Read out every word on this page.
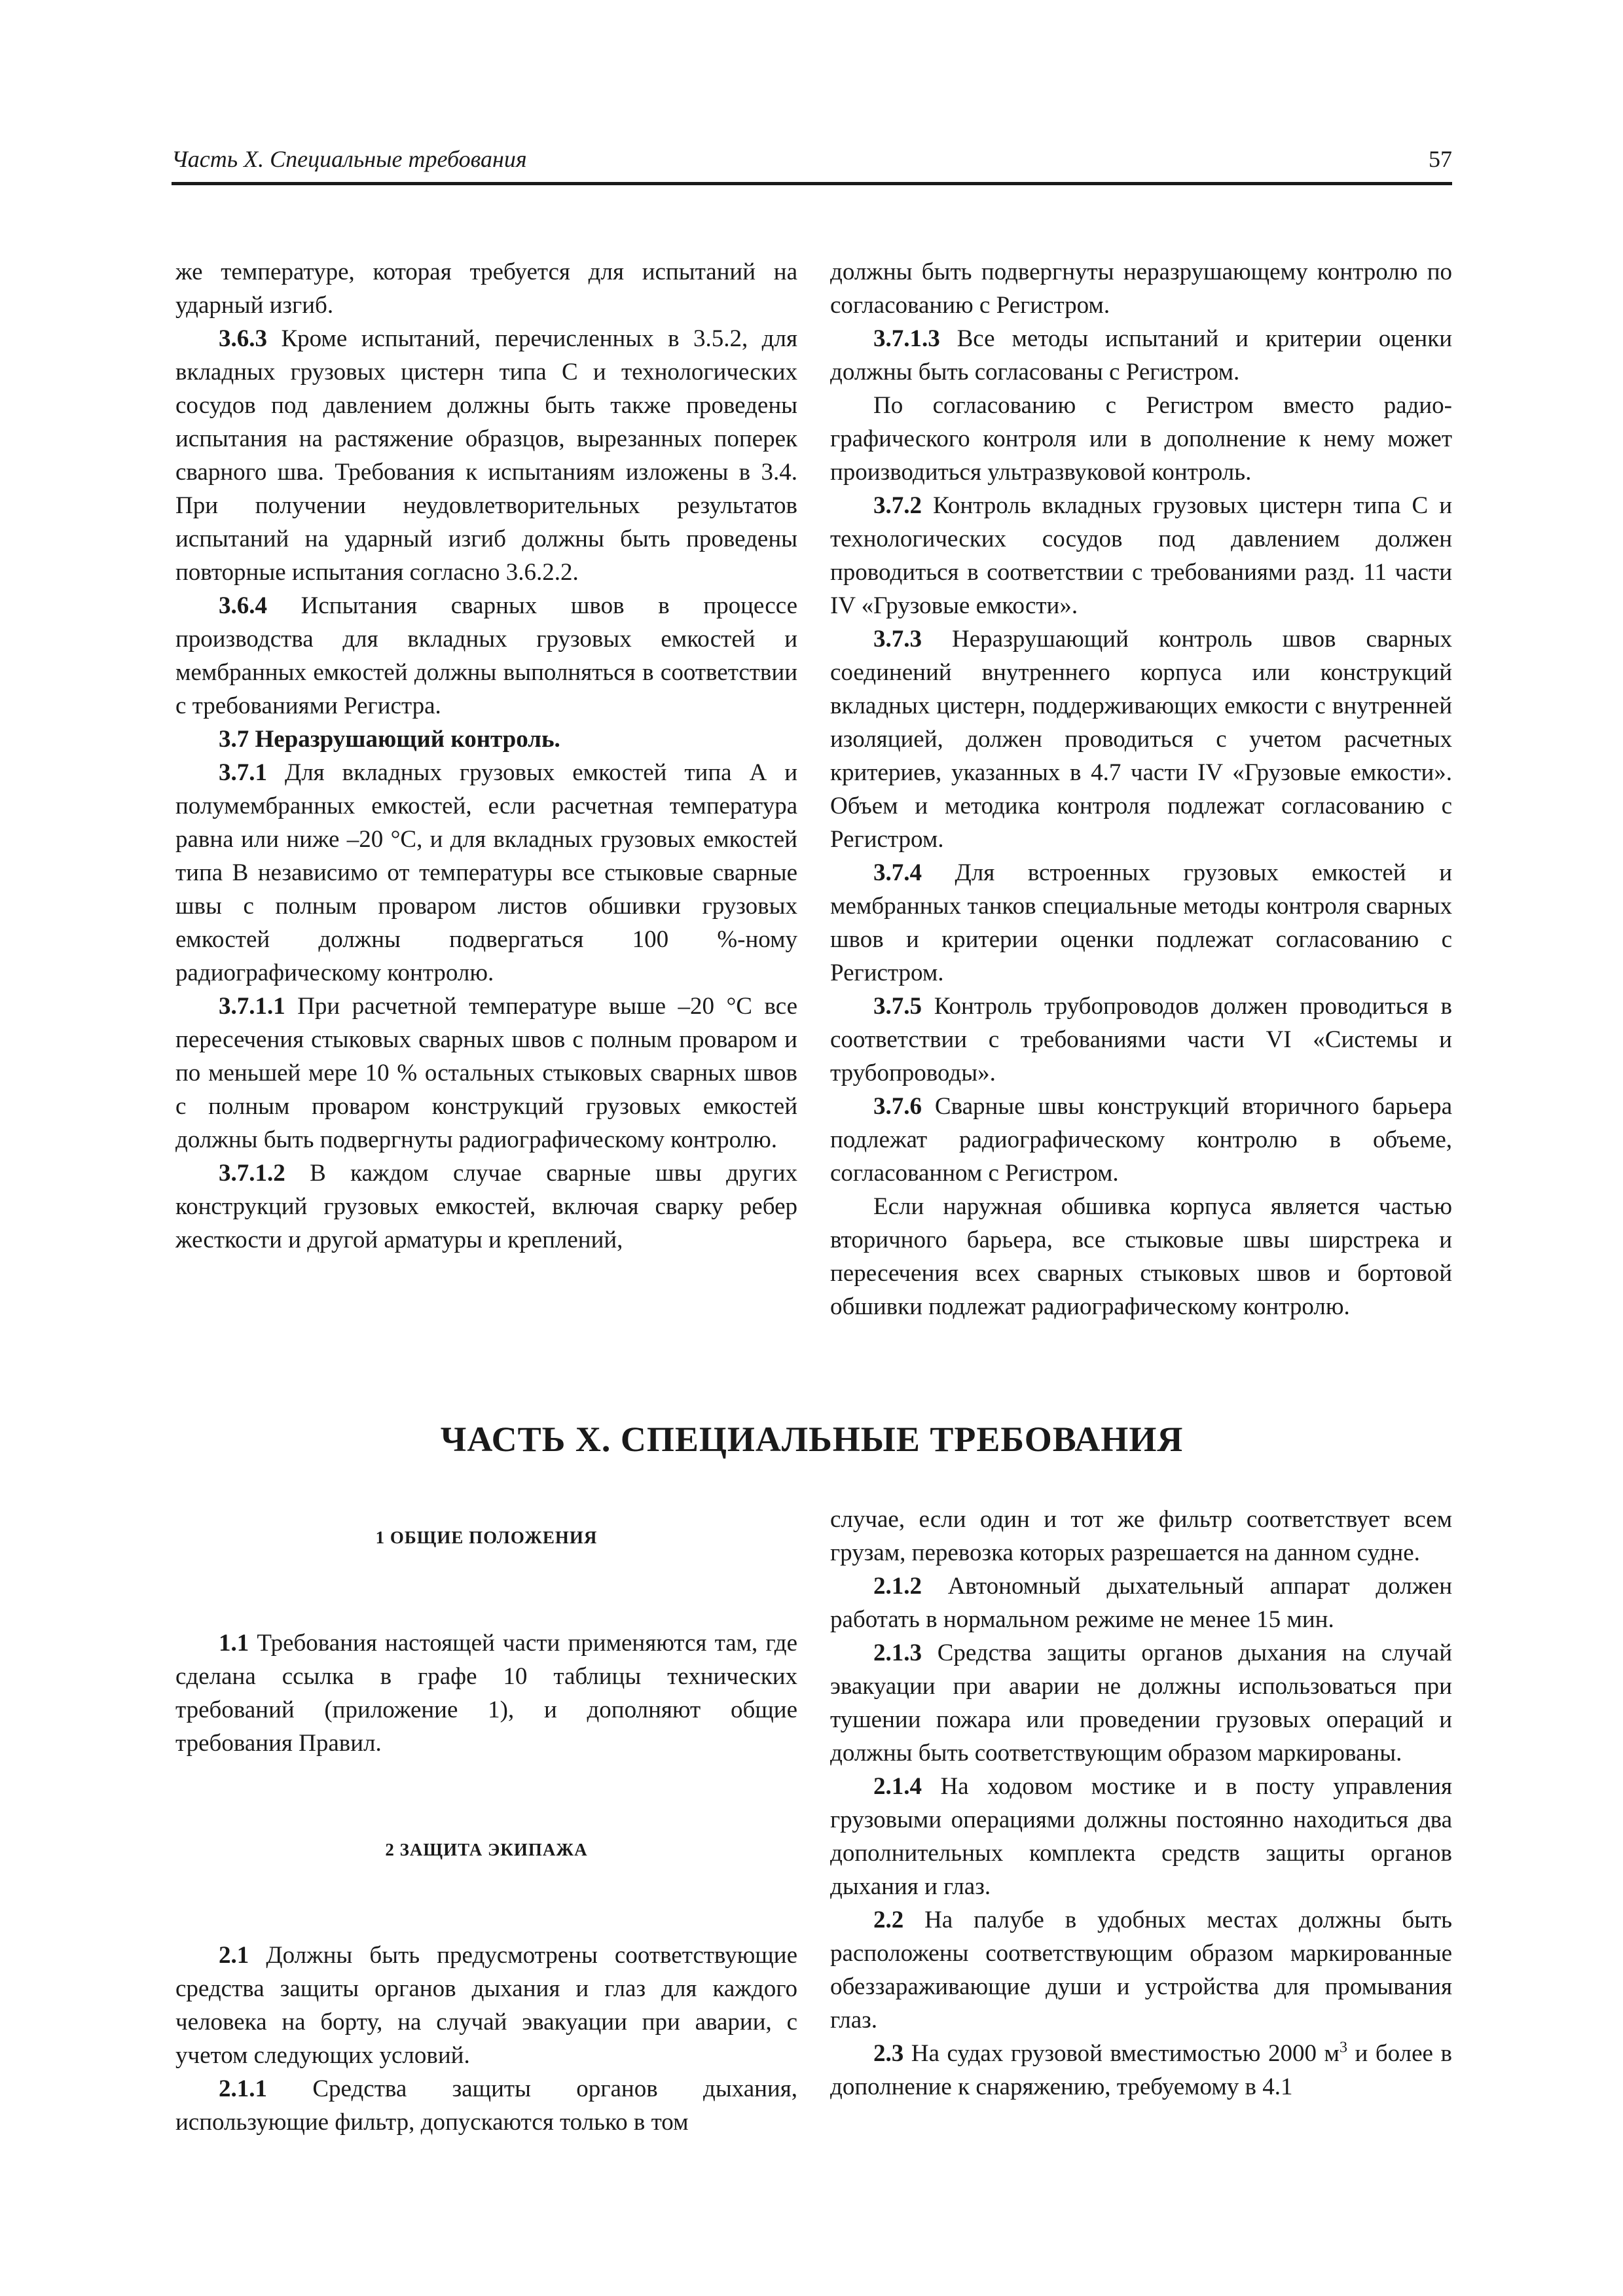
Часть X. Специальные требования	57

же температуре, которая требуется для испытаний на ударный изгиб.

3.6.3 Кроме испытаний, перечисленных в 3.5.2, для вкладных грузовых цистерн типа С и технологических сосудов под давлением должны быть также проведены испытания на растяжение образцов, вырезанных поперек сварного шва. Требования к испытаниям изложены в 3.4. При получении неудовлетворительных результатов испытаний на ударный изгиб должны быть проведены повторные испытания согласно 3.6.2.2.

3.6.4 Испытания сварных швов в процессе производства для вкладных грузовых емкостей и мембранных емкостей должны выполняться в соответствии с требованиями Регистра.

3.7 Неразрушающий контроль.

3.7.1 Для вкладных грузовых емкостей типа А и полумембранных емкостей, если расчетная температура равна или ниже –20 °С, и для вкладных грузовых емкостей типа В независимо от температуры все стыковые сварные швы с полным проваром листов обшивки грузовых емкостей должны подвергаться 100 %-ному радиографическому контролю.

3.7.1.1 При расчетной температуре выше –20 °С все пересечения стыковых сварных швов с полным проваром и по меньшей мере 10 % остальных стыковых сварных швов с полным проваром конструкций грузовых емкостей должны быть подвергнуты радиографическому контролю.

3.7.1.2 В каждом случае сварные швы других конструкций грузовых емкостей, включая сварку ребер жесткости и другой арматуры и креплений,

должны быть подвергнуты неразрушающему контролю по согласованию с Регистром.

3.7.1.3 Все методы испытаний и критерии оценки должны быть согласованы с Регистром.

По согласованию с Регистром вместо радиографического контроля или в дополнение к нему может производиться ультразвуковой контроль.

3.7.2 Контроль вкладных грузовых цистерн типа С и технологических сосудов под давлением должен проводиться в соответствии с требованиями разд. 11 части IV «Грузовые емкости».

3.7.3 Неразрушающий контроль швов сварных соединений внутреннего корпуса или конструкций вкладных цистерн, поддерживающих емкости с внутренней изоляцией, должен проводиться с учетом расчетных критериев, указанных в 4.7 части IV «Грузовые емкости». Объем и методика контроля подлежат согласованию с Регистром.

3.7.4 Для встроенных грузовых емкостей и мембранных танков специальные методы контроля сварных швов и критерии оценки подлежат согласованию с Регистром.

3.7.5 Контроль трубопроводов должен проводиться в соответствии с требованиями части VI «Системы и трубопроводы».

3.7.6 Сварные швы конструкций вторичного барьера подлежат радиографическому контролю в объеме, согласованном с Регистром.

Если наружная обшивка корпуса является частью вторичного барьера, все стыковые швы ширстрека и пересечения всех сварных стыковых швов и бортовой обшивки подлежат радиографическому контролю.

ЧАСТЬ X. СПЕЦИАЛЬНЫЕ ТРЕБОВАНИЯ

1 ОБЩИЕ ПОЛОЖЕНИЯ

1.1 Требования настоящей части применяются там, где сделана ссылка в графе 10 таблицы технических требований (приложение 1), и дополняют общие требования Правил.

2 ЗАЩИТА ЭКИПАЖА

2.1 Должны быть предусмотрены соответствующие средства защиты органов дыхания и глаз для каждого человека на борту, на случай эвакуации при аварии, с учетом следующих условий.

2.1.1 Средства защиты органов дыхания, использующие фильтр, допускаются только в том

случае, если один и тот же фильтр соответствует всем грузам, перевозка которых разрешается на данном судне.

2.1.2 Автономный дыхательный аппарат должен работать в нормальном режиме не менее 15 мин.

2.1.3 Средства защиты органов дыхания на случай эвакуации при аварии не должны использоваться при тушении пожара или проведении грузовых операций и должны быть соответствующим образом маркированы.

2.1.4 На ходовом мостике и в посту управления грузовыми операциями должны постоянно находиться два дополнительных комплекта средств защиты органов дыхания и глаз.

2.2 На палубе в удобных местах должны быть расположены соответствующим образом маркированные обеззараживающие души и устройства для промывания глаз.

2.3 На судах грузовой вместимостью 2000 $м^3$ и более в дополнение к снаряжению, требуемому в 4.1
